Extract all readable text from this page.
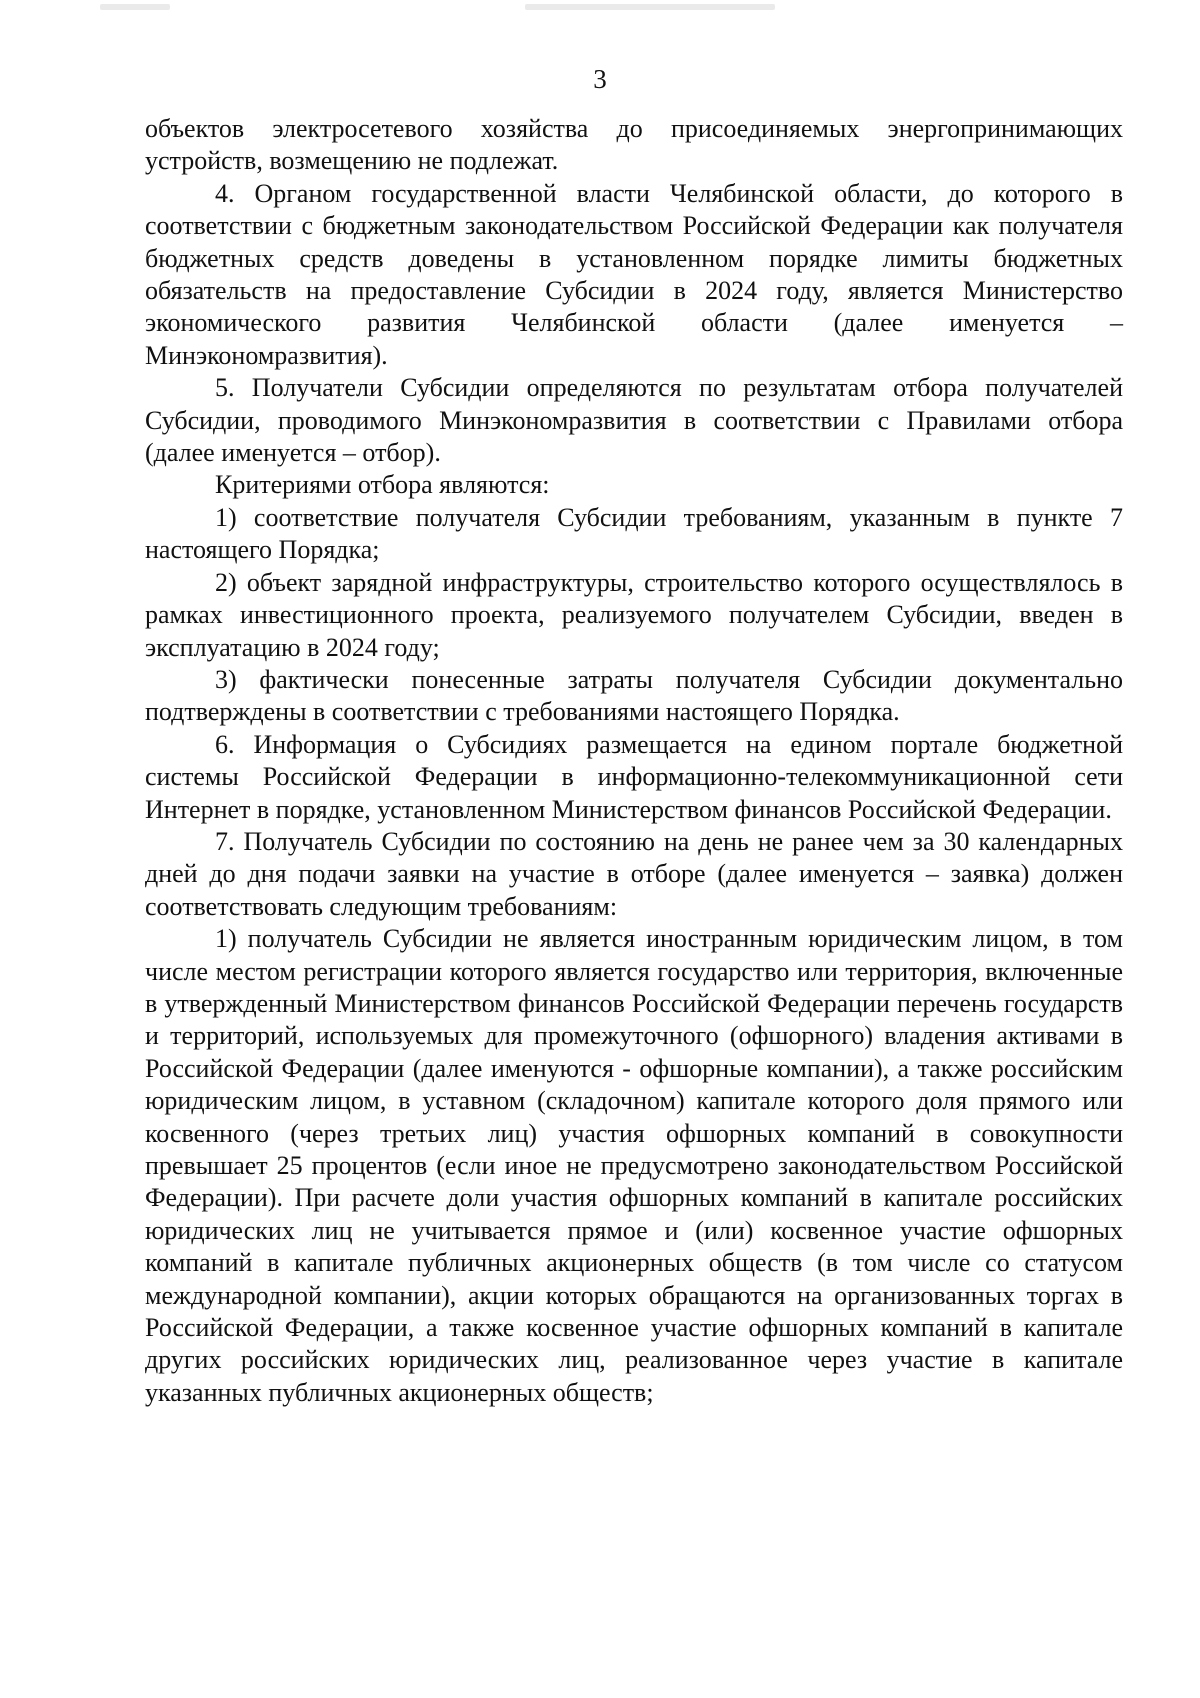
3

объектов электросетевого хозяйства до присоединяемых энергопринимающих устройств, возмещению не подлежат.

4. Органом государственной власти Челябинской области, до которого в соответствии с бюджетным законодательством Российской Федерации как получателя бюджетных средств доведены в установленном порядке лимиты бюджетных обязательств на предоставление Субсидии в 2024 году, является Министерство экономического развития Челябинской области (далее именуется – Минэкономразвития).

5. Получатели Субсидии определяются по результатам отбора получателей Субсидии, проводимого Минэкономразвития в соответствии с Правилами отбора (далее именуется – отбор).

Критериями отбора являются:

1) соответствие получателя Субсидии требованиям, указанным в пункте 7 настоящего Порядка;

2) объект зарядной инфраструктуры, строительство которого осуществлялось в рамках инвестиционного проекта, реализуемого получателем Субсидии, введен в эксплуатацию в 2024 году;

3) фактически понесенные затраты получателя Субсидии документально подтверждены в соответствии с требованиями настоящего Порядка.

6. Информация о Субсидиях размещается на едином портале бюджетной системы Российской Федерации в информационно-телекоммуникационной сети Интернет в порядке, установленном Министерством финансов Российской Федерации.

7. Получатель Субсидии по состоянию на день не ранее чем за 30 календарных дней до дня подачи заявки на участие в отборе (далее именуется – заявка) должен соответствовать следующим требованиям:

1) получатель Субсидии не является иностранным юридическим лицом, в том числе местом регистрации которого является государство или территория, включенные в утвержденный Министерством финансов Российской Федерации перечень государств и территорий, используемых для промежуточного (офшорного) владения активами в Российской Федерации (далее именуются - офшорные компании), а также российским юридическим лицом, в уставном (складочном) капитале которого доля прямого или косвенного (через третьих лиц) участия офшорных компаний в совокупности превышает 25 процентов (если иное не предусмотрено законодательством Российской Федерации). При расчете доли участия офшорных компаний в капитале российских юридических лиц не учитывается прямое и (или) косвенное участие офшорных компаний в капитале публичных акционерных обществ (в том числе со статусом международной компании), акции которых обращаются на организованных торгах в Российской Федерации, а также косвенное участие офшорных компаний в капитале других российских юридических лиц, реализованное через участие в капитале указанных публичных акционерных обществ;
